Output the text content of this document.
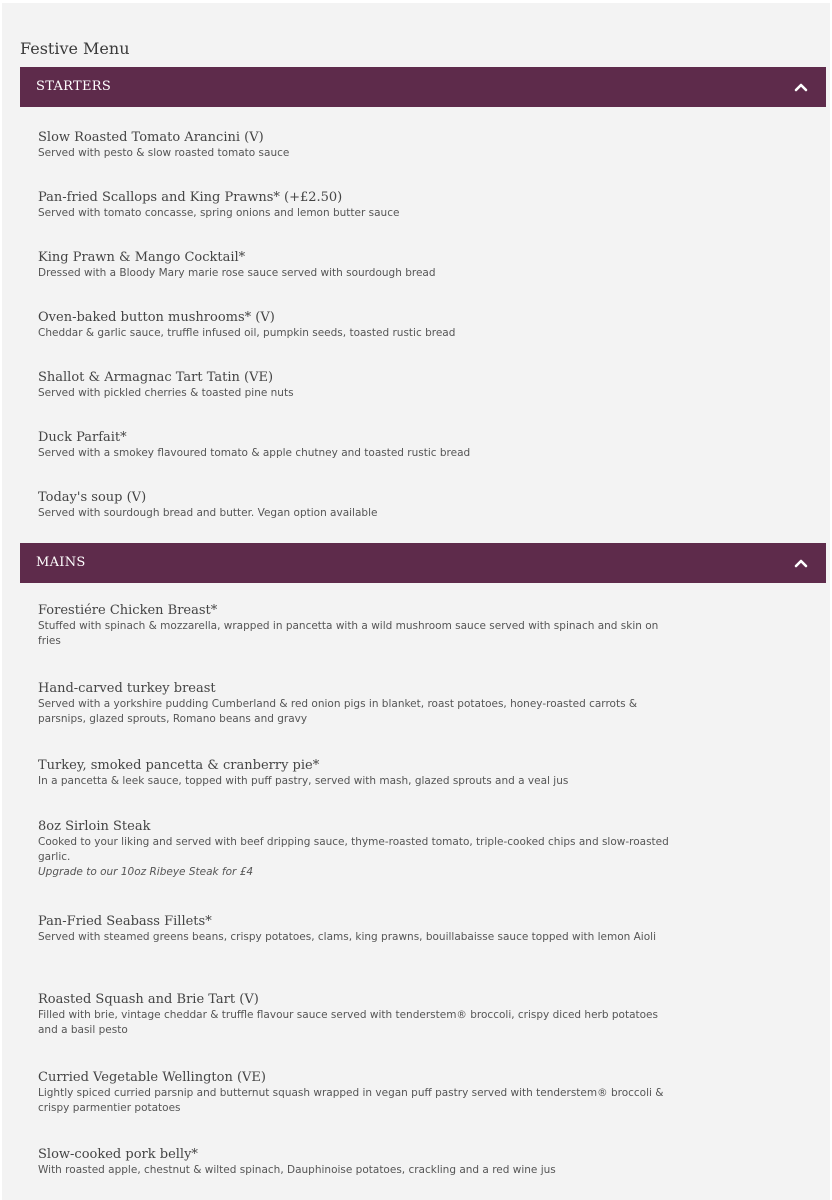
Festive Menu
STARTERS
Slow Roasted Tomato Arancini (V)
Served with pesto & slow roasted tomato sauce
Pan-fried Scallops and King Prawns* (+£2.50)
Served with tomato concasse, spring onions and lemon butter sauce
King Prawn & Mango Cocktail*
Dressed with a Bloody Mary marie rose sauce served with sourdough bread
Oven-baked button mushrooms* (V)
Cheddar & garlic sauce, truffle infused oil, pumpkin seeds, toasted rustic bread
Shallot & Armagnac Tart Tatin (VE)
Served with pickled cherries & toasted pine nuts
Duck Parfait*
Served with a smokey flavoured tomato & apple chutney and toasted rustic bread
Today's soup (V)
Served with sourdough bread and butter. Vegan option available
MAINS
Forestiére Chicken Breast*
Stuffed with spinach & mozzarella, wrapped in pancetta with a wild mushroom sauce served with spinach and skin on fries
Hand-carved turkey breast
Served with a yorkshire pudding Cumberland & red onion pigs in blanket, roast potatoes, honey-roasted carrots & parsnips, glazed sprouts, Romano beans and gravy
Turkey, smoked pancetta & cranberry pie*
In a pancetta & leek sauce, topped with puff pastry, served with mash, glazed sprouts and a veal jus
8oz Sirloin Steak
Cooked to your liking and served with beef dripping sauce, thyme-roasted tomato, triple-cooked chips and slow-roasted garlic.
Upgrade to our 10oz Ribeye Steak for £4
Pan-Fried Seabass Fillets*
Served with steamed greens beans, crispy potatoes, clams, king prawns, bouillabaisse sauce topped with lemon Aioli
Roasted Squash and Brie Tart (V)
Filled with brie, vintage cheddar & truffle flavour sauce served with tenderstem® broccoli, crispy diced herb potatoes and a basil pesto
Curried Vegetable Wellington (VE)
Lightly spiced curried parsnip and butternut squash wrapped in vegan puff pastry served with tenderstem® broccoli & crispy parmentier potatoes
Slow-cooked pork belly*
With roasted apple, chestnut & wilted spinach, Dauphinoise potatoes, crackling and a red wine jus
